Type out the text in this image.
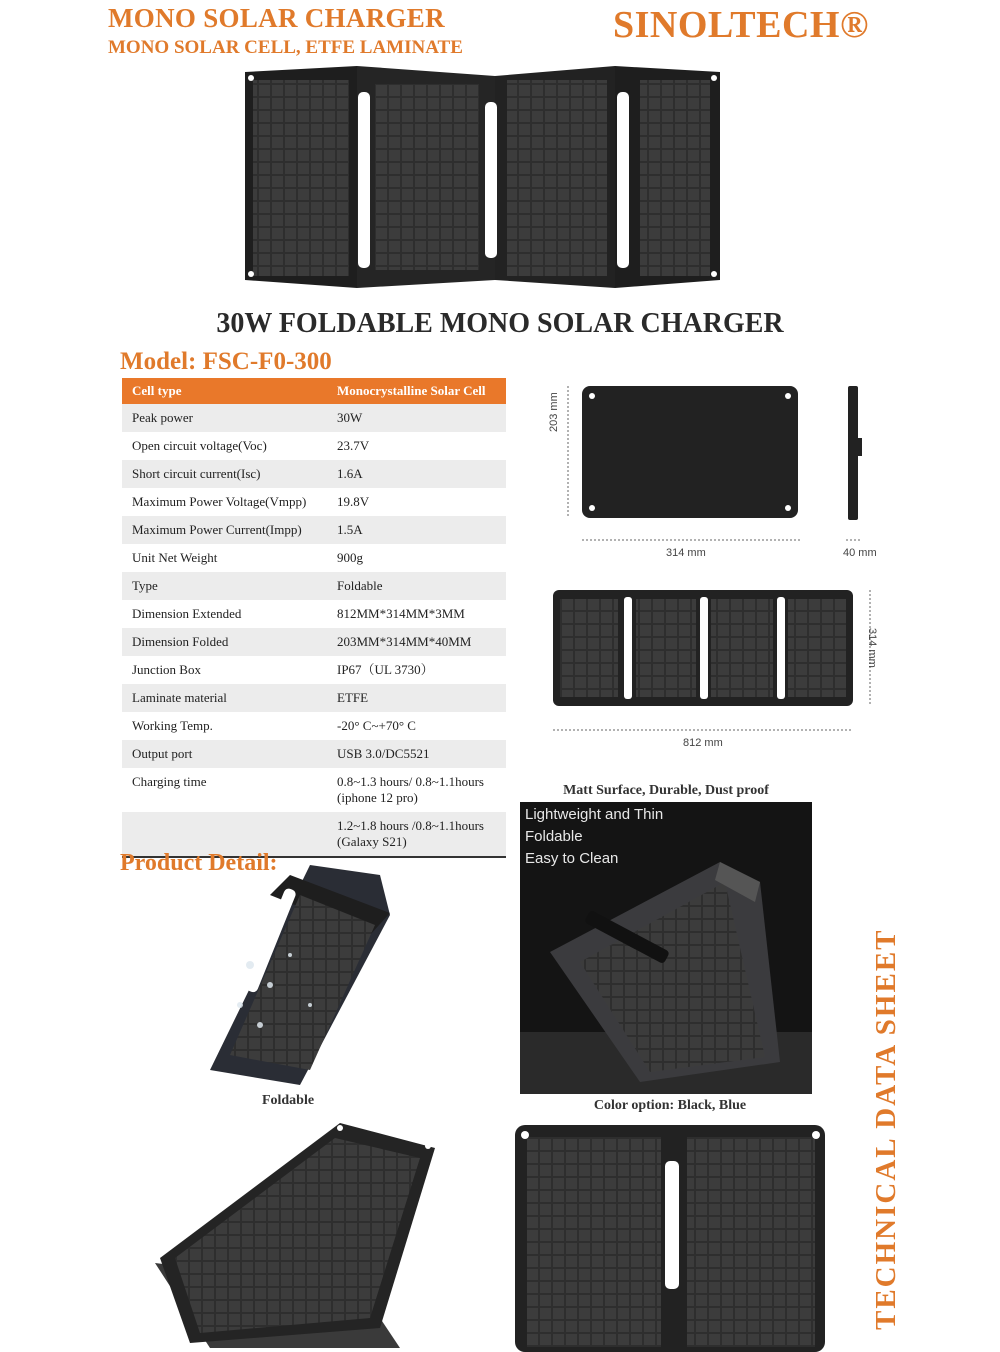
MONO SOLAR CHARGER
MONO SOLAR CELL, ETFE LAMINATE
SINOLTECH®
30W FOLDABLE MONO SOLAR CHARGER
Model: FSC-F0-300
Cell type	Monocrystalline Solar Cell
Peak power	30W
Open circuit voltage(Voc)	23.7V
Short circuit current(Isc)	1.6A
Maximum Power Voltage(Vmpp)	19.8V
Maximum Power Current(Impp)	1.5A
Unit Net Weight	900g
Type	Foldable
Dimension Extended	812MM*314MM*3MM
Dimension Folded	203MM*314MM*40MM
Junction Box	IP67（UL 3730）
Laminate material	ETFE
Working Temp.	-20° C~+70° C
Output port	USB 3.0/DC5521
Charging time	0.8~1.3 hours/ 0.8~1.1hours (iphone 12 pro)
	1.2~1.8 hours /0.8~1.1hours (Galaxy S21)
203 mm
314 mm	40 mm
314 mm
812 mm
Product Detail:
Foldable
Matt Surface, Durable, Dust proof
Lightweight and Thin
Foldable
Easy to Clean
Color option: Black, Blue	TECHNICAL DATA SHEET
